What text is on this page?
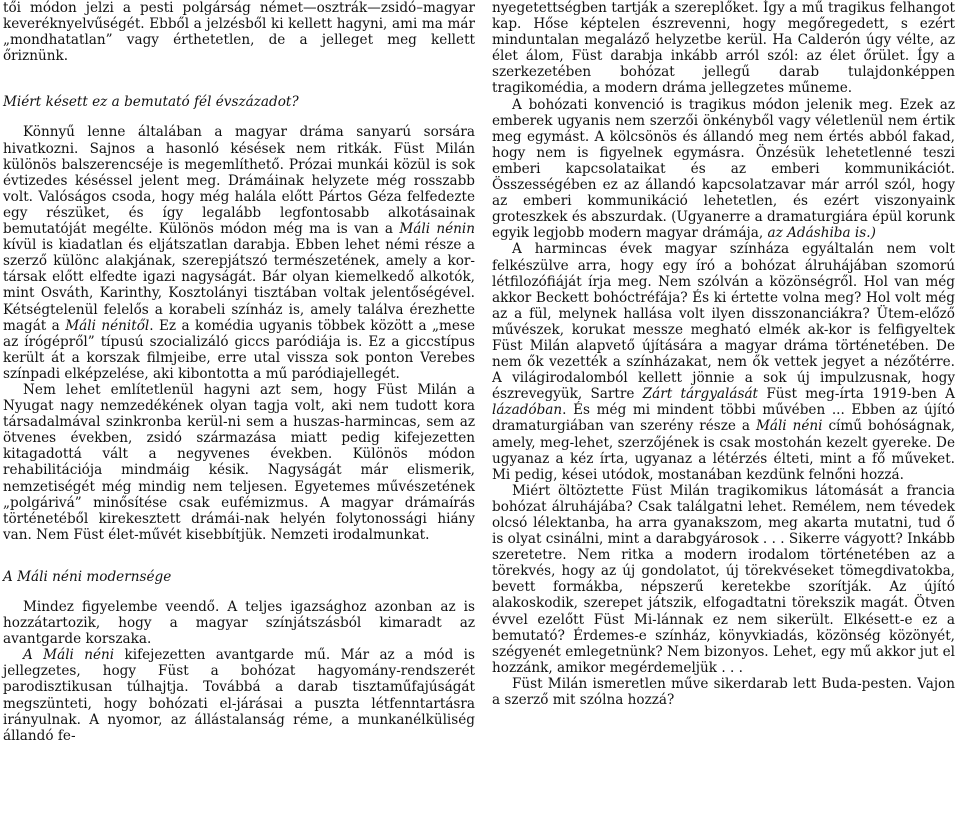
tői módon jelzi a pesti polgárság német—osztrák—zsidó–magyar keveréknyelvűségét. Ebből a jelzésből ki kellett hagyni, ami ma már „mondhatatlan” vagy érthetetlen, de a jelleget meg kellett őriznünk.

Miért késett ez a bemutató fél évszázadot?

Könnyű lenne általában a magyar dráma sanyarú sorsára hivatkozni. Sajnos a hasonló késések nem ritkák. Füst Milán különös balszerencséje is megemlíthető. Prózai munkái közül is sok évtizedes késéssel jelent meg. Drámáinak helyzete még rosszabb volt. Valóságos csoda, hogy még halála előtt Pártos Géza felfedezte egy részüket, és így legalább legfontosabb alkotásainak bemutatóját megélte. Különös módon még ma is van a Máli nénin kívül is kiadatlan és eljátszatlan darabja. Ebben lehet némi része a szerző különc alakjának, szerepjátszó természetének, amely a kor-társak előtt elfedte igazi nagyságát. Bár olyan kiemelkedő alkotók, mint Osváth, Karinthy, Kosztolányi tisztában voltak jelentőségével. Kétségtelenül felelős a korabeli színház is, amely találva érezhette magát a Máli nénitől. Ez a komédia ugyanis többek között a „mese az írógépről” típusú szocializáló giccs paródiája is. Ez a giccstípus került át a korszak filmjeibe, erre utal vissza sok ponton Verebes színpadi elképzelése, aki kibontotta a mű paródiajellegét.

Nem lehet említetlenül hagyni azt sem, hogy Füst Milán a Nyugat nagy nemzedékének olyan tagja volt, aki nem tudott kora társadalmával szinkronba kerül-ni sem a huszas-harmincas, sem az ötvenes években, zsidó származása miatt pedig kifejezetten kitagadottá vált a negyvenes években. Különös módon rehabilitációja mindmáig késik. Nagyságát már elismerik, nemzetiségét még mindig nem teljesen. Egyetemes művészetének „polgárivá” minősítése csak eufémizmus. A magyar drámaírás történetéből kirekesztett drámái-nak helyén folytonossági hiány van. Nem Füst élet-művét kisebbítjük. Nemzeti irodalmunkat.

A Máli néni modernsége

Mindez figyelembe veendő. A teljes igazsághoz azonban az is hozzátartozik, hogy a magyar színjátszásból kimaradt az avantgarde korszaka.

A Máli néni kifejezetten avantgarde mű. Már az a mód is jellegzetes, hogy Füst a bohózat hagyomány-rendszerét parodisztikusan túlhajtja. Továbbá a darab tisztaműfajúságát megszünteti, hogy bohózati el-járásai a puszta létfenntartásra irányulnak. A nyomor, az állástalanság réme, a munkanélküliség állandó fe-

nyegetettségben tartják a szereplőket. Így a mű tragikus felhangot kap. Hőse képtelen észrevenni, hogy megőregedett, s ezért minduntalan megaláző helyzetbe kerül. Ha Calderón úgy vélte, az élet álom, Füst darabja inkább arról szól: az élet őrület. Így a szerkezetében bohózat jellegű darab tulajdonképpen tragikomédia, a modern dráma jellegzetes műneme.

A bohózati konvenció is tragikus módon jelenik meg. Ezek az emberek ugyanis nem szerzői önkényből vagy véletlenül nem értik meg egymást. A kölcsönös és állandó meg nem értés abból fakad, hogy nem is figyelnek egymásra. Önzésük lehetetlenné teszi emberi kapcsolataikat és az emberi kommunikációt. Összességében ez az állandó kapcsolatzavar már arról szól, hogy az emberi kommunikáció lehetetlen, és ezért viszonyaink groteszkek és abszurdak. (Ugyanerre a dramaturgiára épül korunk egyik legjobb modern magyar drámája, az Adáshiba is.)

A harmincas évek magyar színháza egyáltalán nem volt felkészülve arra, hogy egy író a bohózat álruhájában szomorú létfilozófiáját írja meg. Nem szólván a közönségről. Hol van még akkor Beckett bohóctréfája? És ki értette volna meg? Hol volt még az a fül, melynek hallása volt ilyen disszonanciákra? Ütem-előző művészek, korukat messze megható elmék ak-kor is felfigyeltek Füst Milán alapvető újítására a magyar dráma történetében. De nem ők vezették a színházakat, nem ők vettek jegyet a nézőtérre. A világirodalomból kellett jönnie a sok új impulzusnak, hogy észrevegyük, Sartre Zárt tárgyalását Füst meg-írta 1919-ben A lázadóban. És még mi mindent többi művében ... Ebben az újító dramaturgiában van szerény része a Máli néni című bohóságnak, amely, meg-lehet, szerzőjének is csak mostohán kezelt gyereke. De ugyanaz a kéz írta, ugyanaz a létérzés élteti, mint a fő műveket. Mi pedig, kései utódok, mostanában kezdünk felnőni hozzá.

Miért öltöztette Füst Milán tragikomikus látomását a francia bohózat álruhájába? Csak találgatni lehet. Remélem, nem tévedek olcsó lélektanba, ha arra gyanakszom, meg akarta mutatni, tud ő is olyat csinálni, mint a darabgyárosok . . . Sikerre vágyott? Inkább szeretetre. Nem ritka a modern irodalom történetében az a törekvés, hogy az új gondolatot, új törekvéseket tömegdivatokba, bevett formákba, népszerű keretekbe szorítják. Az újító alakoskodik, szerepet játszik, elfogadtatni törekszik magát. Ötven évvel ezelőtt Füst Mi-lánnak ez nem sikerült. Elkésett-e ez a bemutató? Érdemes-e színház, könyvkiadás, közönség közönyét, szégyenét emlegetnünk? Nem bizonyos. Lehet, egy mű akkor jut el hozzánk, amikor megérdemeljük . . .

Füst Milán ismeretlen műve sikerdarab lett Buda-pesten. Vajon a szerző mit szólna hozzá?
